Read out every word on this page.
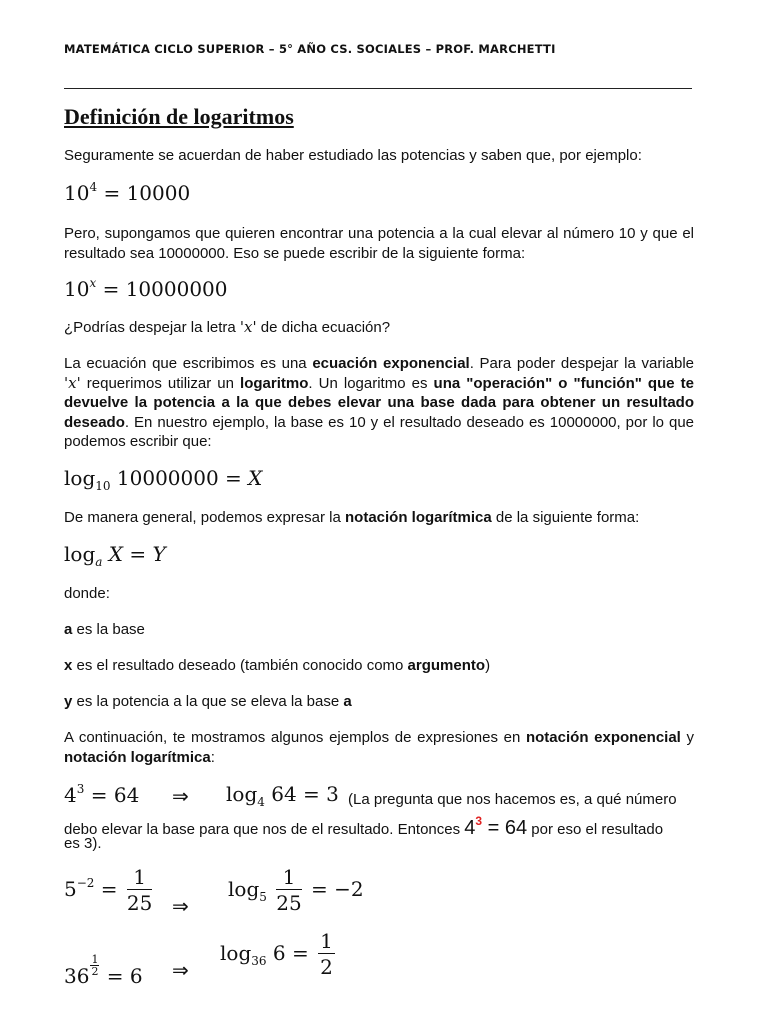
MATEMÁTICA CICLO SUPERIOR – 5° AÑO CS. SOCIALES – PROF. MARCHETTI
Definición de logaritmos
Seguramente se acuerdan de haber estudiado las potencias y saben que, por ejemplo:
$10^4 = 10000$
Pero, supongamos que quieren encontrar una potencia a la cual elevar al número 10 y que el resultado sea 10000000. Eso se puede escribir de la siguiente forma:
$10^x = 10000000$
¿Podrías despejar la letra 'x' de dicha ecuación?
La ecuación que escribimos es una ecuación exponencial. Para poder despejar la variable 'x' requerimos utilizar un logaritmo. Un logaritmo es una "operación" o "función" que te devuelve la potencia a la que debes elevar una base dada para obtener un resultado deseado. En nuestro ejemplo, la base es 10 y el resultado deseado es 10000000, por lo que podemos escribir que:
$\log_{10} 10000000 = X$
De manera general, podemos expresar la notación logarítmica de la siguiente forma:
$\log_a X = Y$
donde:
a es la base
x es el resultado deseado (también conocido como argumento)
y es la potencia a la que se eleva la base a
A continuación, te mostramos algunos ejemplos de expresiones en notación exponencial y notación logarítmica:
$4^3 = 64$ ⇒ $\log_4 64 = 3$ (La pregunta que nos hacemos es, a qué número
debo elevar la base para que nos de el resultado. Entonces $4^3 = 64$ por eso el resultado
es 3).
$5^{-2} = \frac{1}{25}$ ⇒
$\log_5 \frac{1}{25} = -2$
$36 \frac{1}{2} = 6$ ⇒
$\log_{36} 6 = \frac{1}{2}$
